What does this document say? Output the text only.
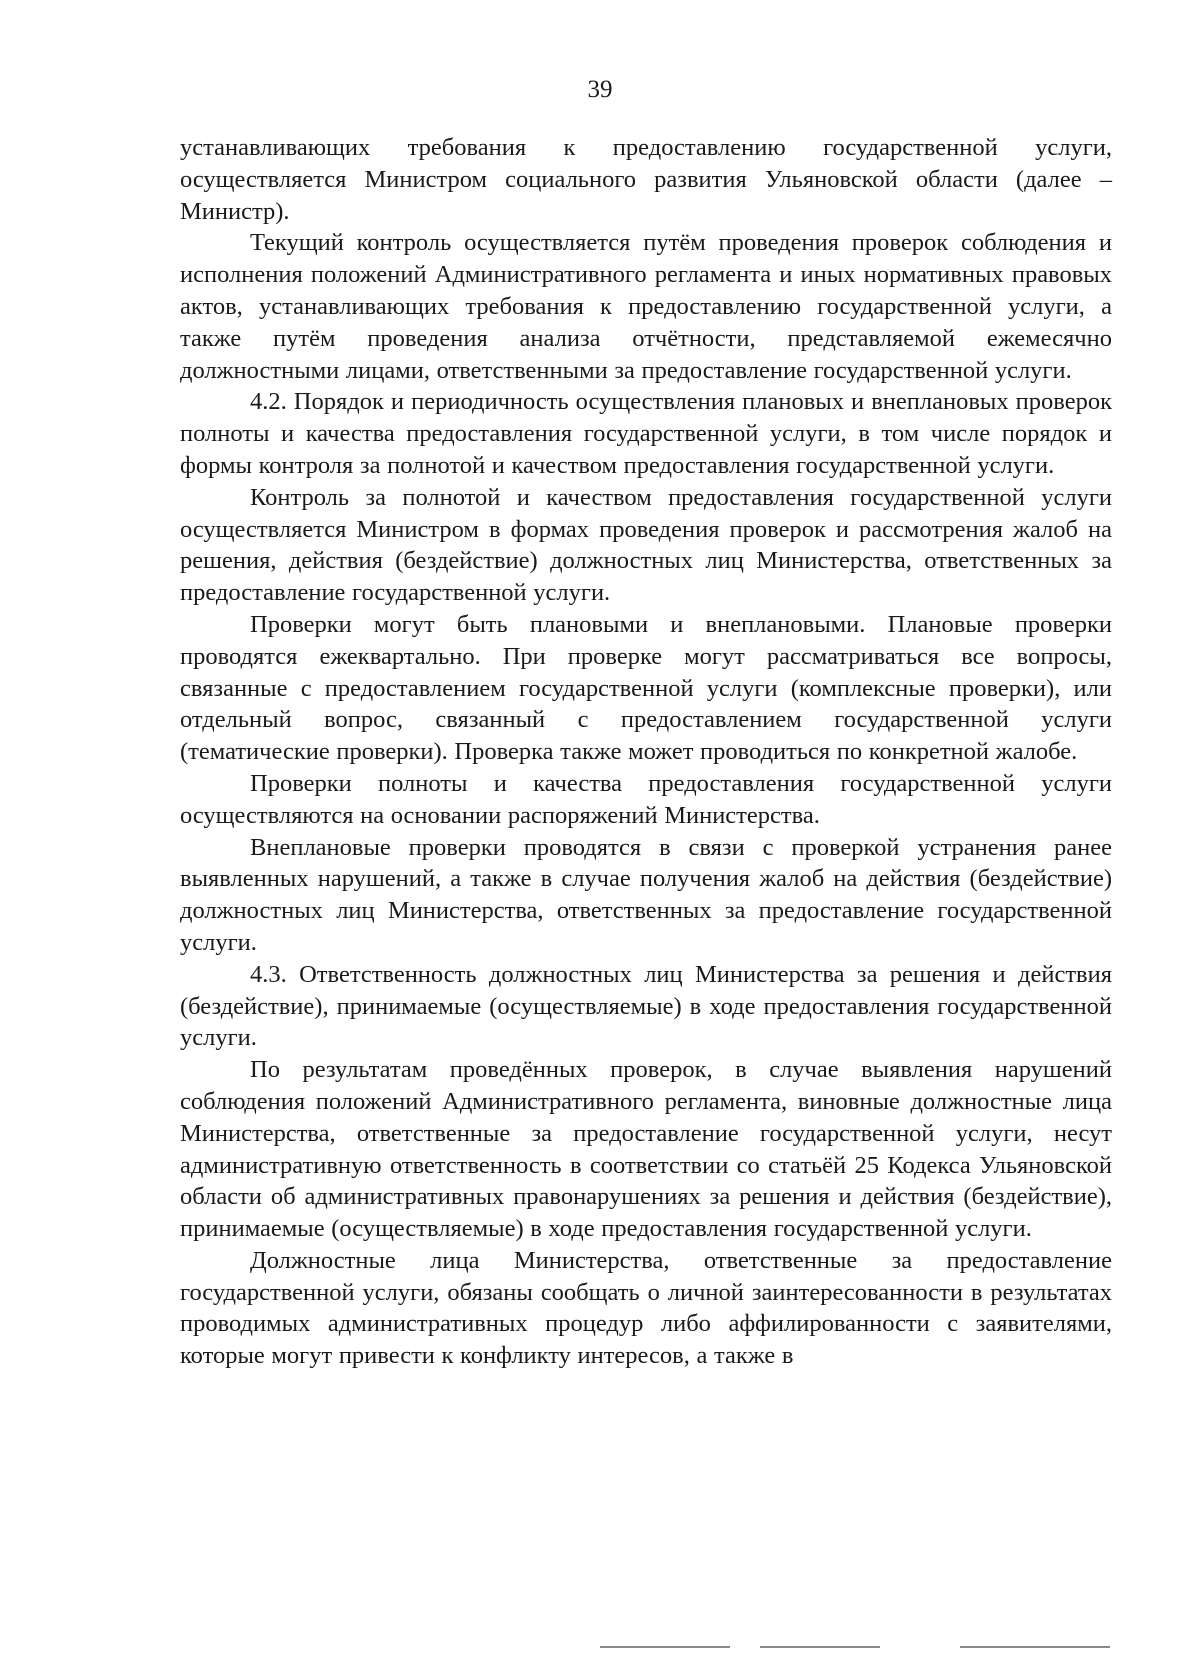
39

устанавливающих требования к предоставлению государственной услуги, осуществляется Министром социального развития Ульяновской области (далее – Министр).

Текущий контроль осуществляется путём проведения проверок соблюдения и исполнения положений Административного регламента и иных нормативных правовых актов, устанавливающих требования к предоставлению государственной услуги, а также путём проведения анализа отчётности, представляемой ежемесячно должностными лицами, ответственными за предоставление государственной услуги.

4.2. Порядок и периодичность осуществления плановых и внеплановых проверок полноты и качества предоставления государственной услуги, в том числе порядок и формы контроля за полнотой и качеством предоставления государственной услуги.

Контроль за полнотой и качеством предоставления государственной услуги осуществляется Министром в формах проведения проверок и рассмотрения жалоб на решения, действия (бездействие) должностных лиц Министерства, ответственных за предоставление государственной услуги.

Проверки могут быть плановыми и внеплановыми. Плановые проверки проводятся ежеквартально. При проверке могут рассматриваться все вопросы, связанные с предоставлением государственной услуги (комплексные проверки), или отдельный вопрос, связанный с предоставлением государственной услуги (тематические проверки). Проверка также может проводиться по конкретной жалобе.

Проверки полноты и качества предоставления государственной услуги осуществляются на основании распоряжений Министерства.

Внеплановые проверки проводятся в связи с проверкой устранения ранее выявленных нарушений, а также в случае получения жалоб на действия (бездействие) должностных лиц Министерства, ответственных за предоставление государственной услуги.

4.3. Ответственность должностных лиц Министерства за решения и действия (бездействие), принимаемые (осуществляемые) в ходе предоставления государственной услуги.

По результатам проведённых проверок, в случае выявления нарушений соблюдения положений Административного регламента, виновные должностные лица Министерства, ответственные за предоставление государственной услуги, несут административную ответственность в соответствии со статьёй 25 Кодекса Ульяновской области об административных правонарушениях за решения и действия (бездействие), принимаемые (осуществляемые) в ходе предоставления государственной услуги.

Должностные лица Министерства, ответственные за предоставление государственной услуги, обязаны сообщать о личной заинтересованности в результатах проводимых административных процедур либо аффилированности с заявителями, которые могут привести к конфликту интересов, а также в
